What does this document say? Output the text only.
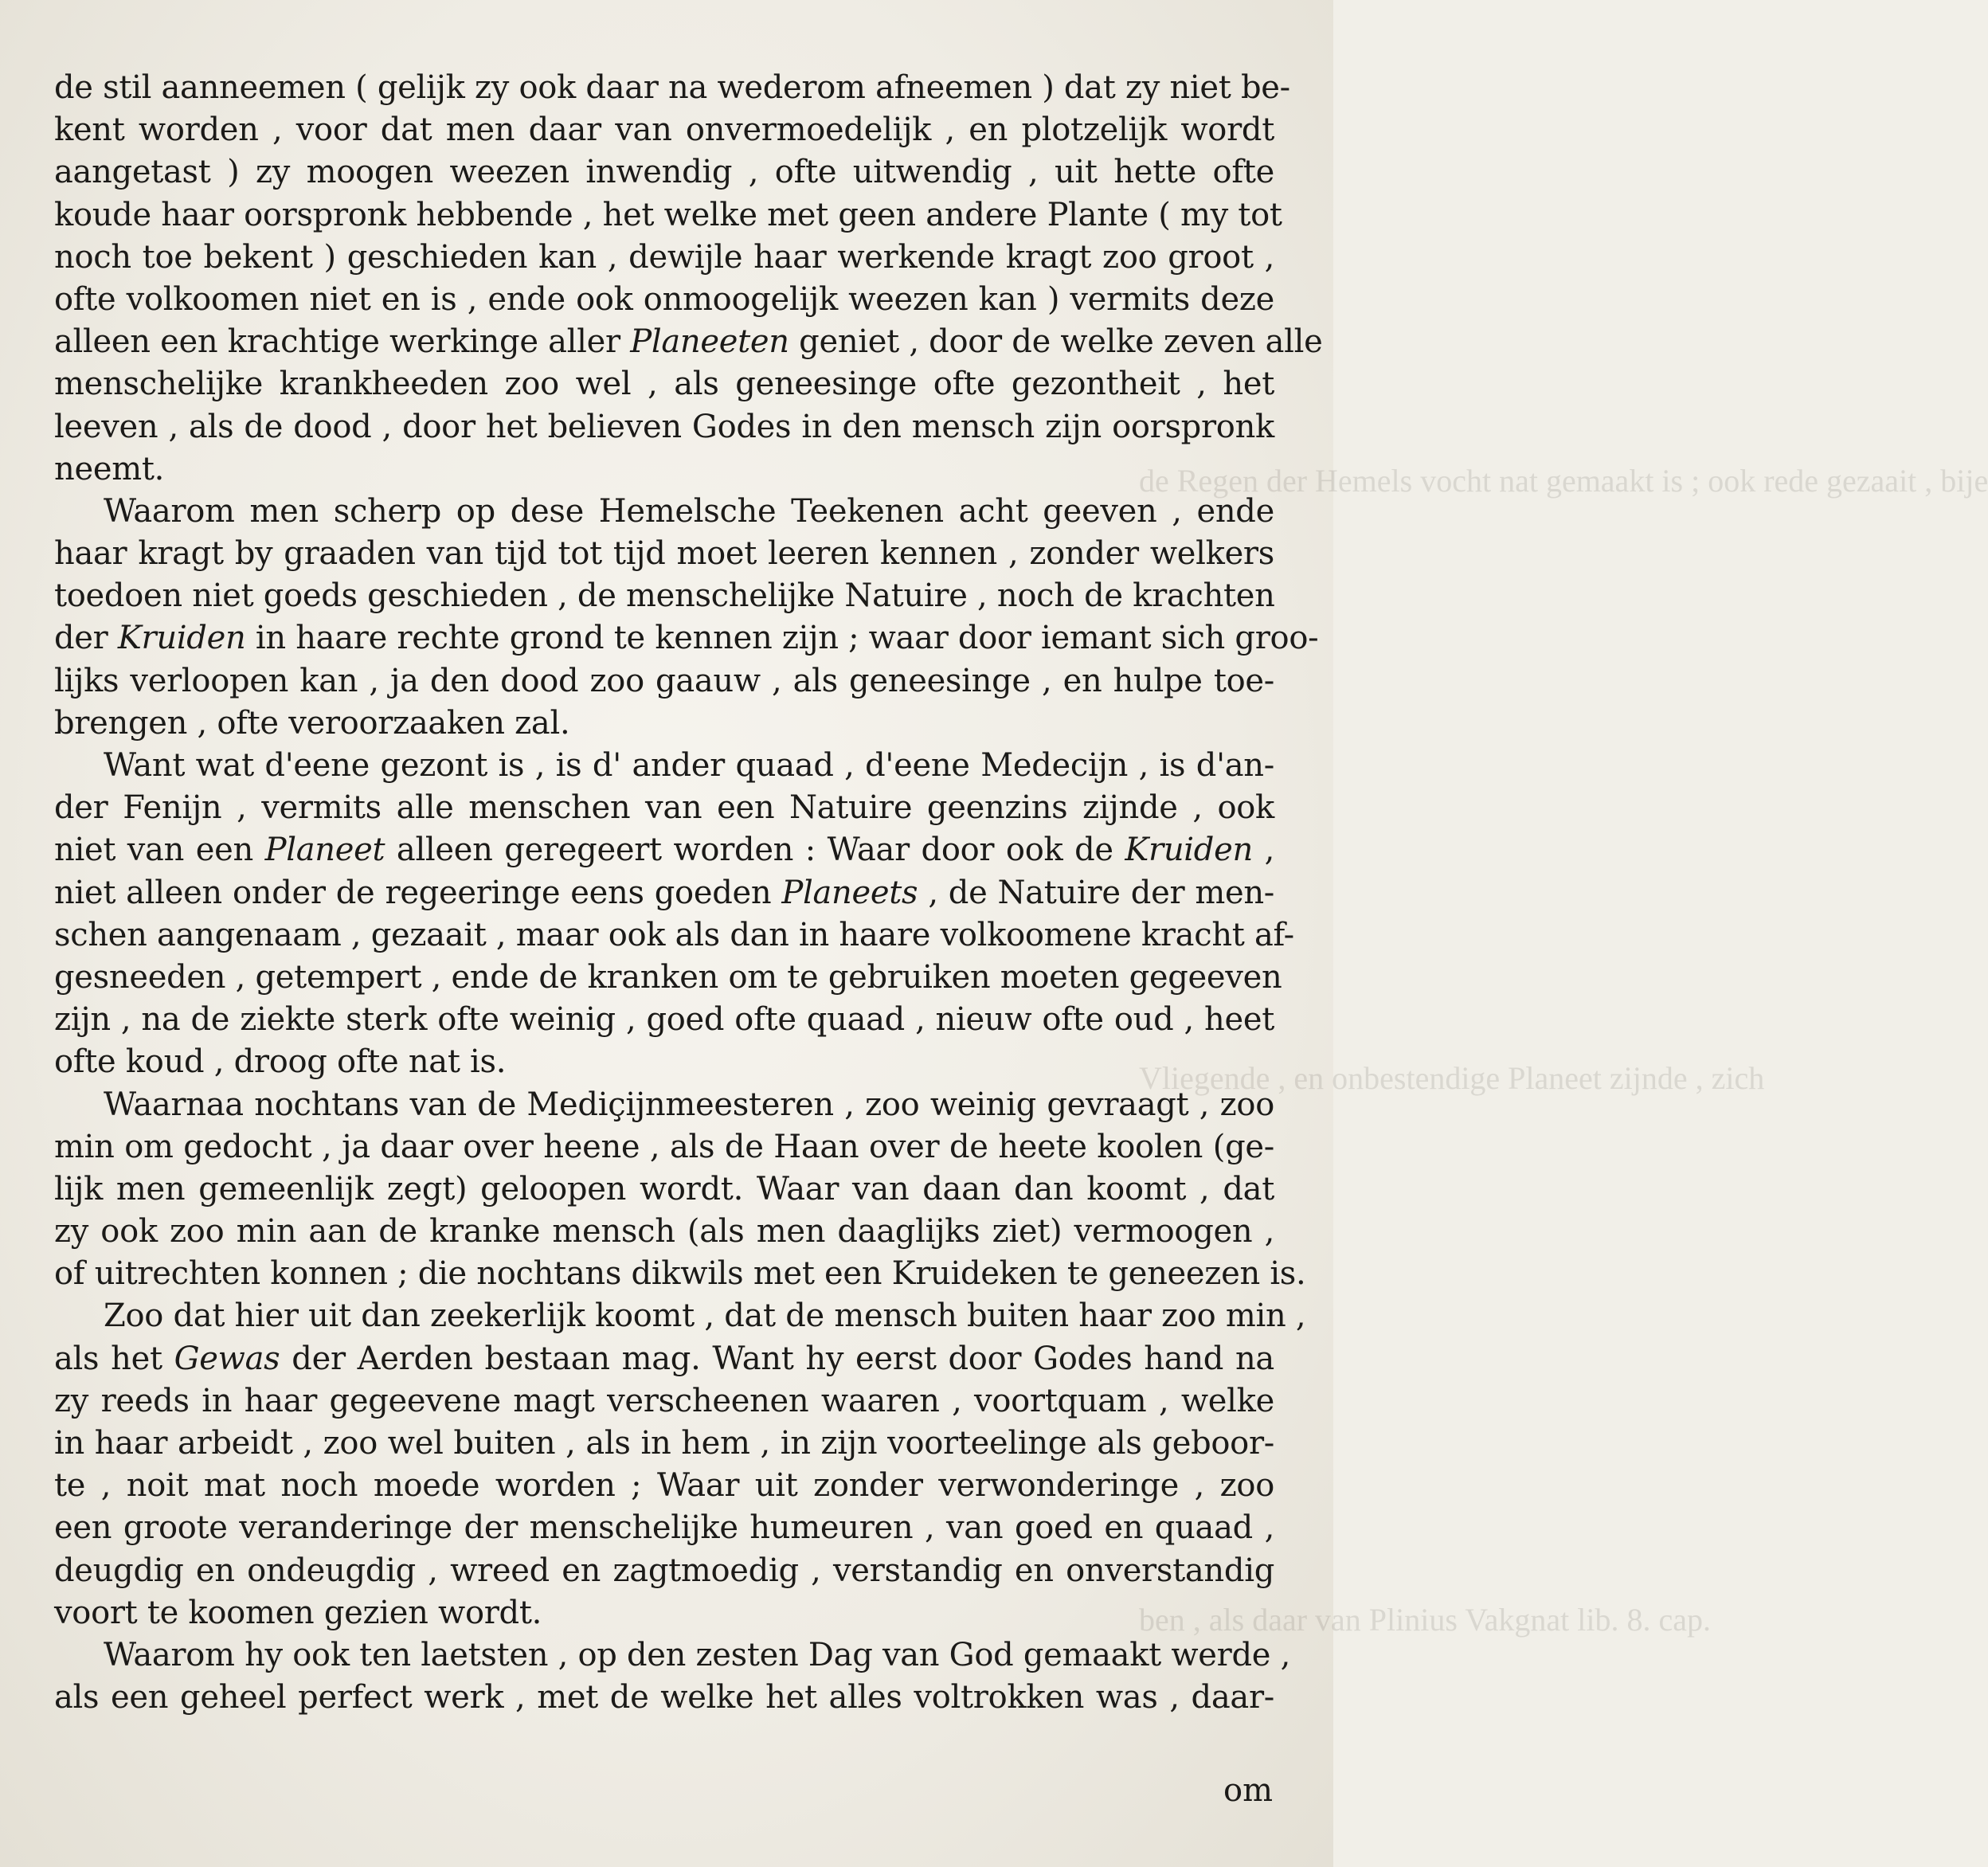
de Regen der Hemels vocht nat gemaakt is ; ook rede gezaait , bije
Vliegende , en onbestendige Planeet zijnde , zich
ben , als daar van Plinius Vakgnat lib. 8. cap.
de stil aanneemen ( gelijk zy ook daar na wederom afneemen ) dat zy niet be-
kent worden , voor dat men daar van onvermoedelijk , en plotzelijk wordt
aangetast ) zy moogen weezen inwendig , ofte uitwendig , uit hette ofte
koude haar oorspronk hebbende , het welke met geen andere Plante ( my tot
noch toe bekent ) geschieden kan , dewijle haar werkende kragt zoo groot ,
ofte volkoomen niet en is , ende ook onmoogelijk weezen kan ) vermits deze
alleen een krachtige werkinge aller Planeeten geniet , door de welke zeven alle
menschelijke krankheeden zoo wel , als geneesinge ofte gezontheit , het
leeven , als de dood , door het believen Godes in den mensch zijn oorspronk
neemt.
Waarom men scherp op dese Hemelsche Teekenen acht geeven , ende
haar kragt by graaden van tijd tot tijd moet leeren kennen , zonder welkers
toedoen niet goeds geschieden , de menschelijke Natuire , noch de krachten
der Kruiden in haare rechte grond te kennen zijn ; waar door iemant sich groo-
lijks verloopen kan , ja den dood zoo gaauw , als geneesinge , en hulpe toe-
brengen , ofte veroorzaaken zal.
Want wat d'eene gezont is , is d' ander quaad , d'eene Medecijn , is d'an-
der Fenijn , vermits alle menschen van een Natuire geenzins zijnde , ook
niet van een Planeet alleen geregeert worden : Waar door ook de Kruiden ,
niet alleen onder de regeeringe eens goeden Planeets , de Natuire der men-
schen aangenaam , gezaait , maar ook als dan in haare volkoomene kracht af-
gesneeden , getempert , ende de kranken om te gebruiken moeten gegeeven
zijn , na de ziekte sterk ofte weinig , goed ofte quaad , nieuw ofte oud , heet
ofte koud , droog ofte nat is.
Waarnaa nochtans van de Mediçijnmeesteren , zoo weinig gevraagt , zoo
min om gedocht , ja daar over heene , als de Haan over de heete koolen (ge-
lijk men gemeenlijk zegt) geloopen wordt. Waar van daan dan koomt , dat
zy ook zoo min aan de kranke mensch (als men daaglijks ziet) vermoogen ,
of uitrechten konnen ; die nochtans dikwils met een Kruideken te geneezen is.
Zoo dat hier uit dan zeekerlijk koomt , dat de mensch buiten haar zoo min ,
als het Gewas der Aerden bestaan mag. Want hy eerst door Godes hand na
zy reeds in haar gegeevene magt verscheenen waaren , voortquam , welke
in haar arbeidt , zoo wel buiten , als in hem , in zijn voorteelinge als geboor-
te , noit mat noch moede worden ; Waar uit zonder verwonderinge , zoo
een groote veranderinge der menschelijke humeuren , van goed en quaad ,
deugdig en ondeugdig , wreed en zagtmoedig , verstandig en onverstandig
voort te koomen gezien wordt.
Waarom hy ook ten laetsten , op den zesten Dag van God gemaakt werde ,
als een geheel perfect werk , met de welke het alles voltrokken was , daar-
om
